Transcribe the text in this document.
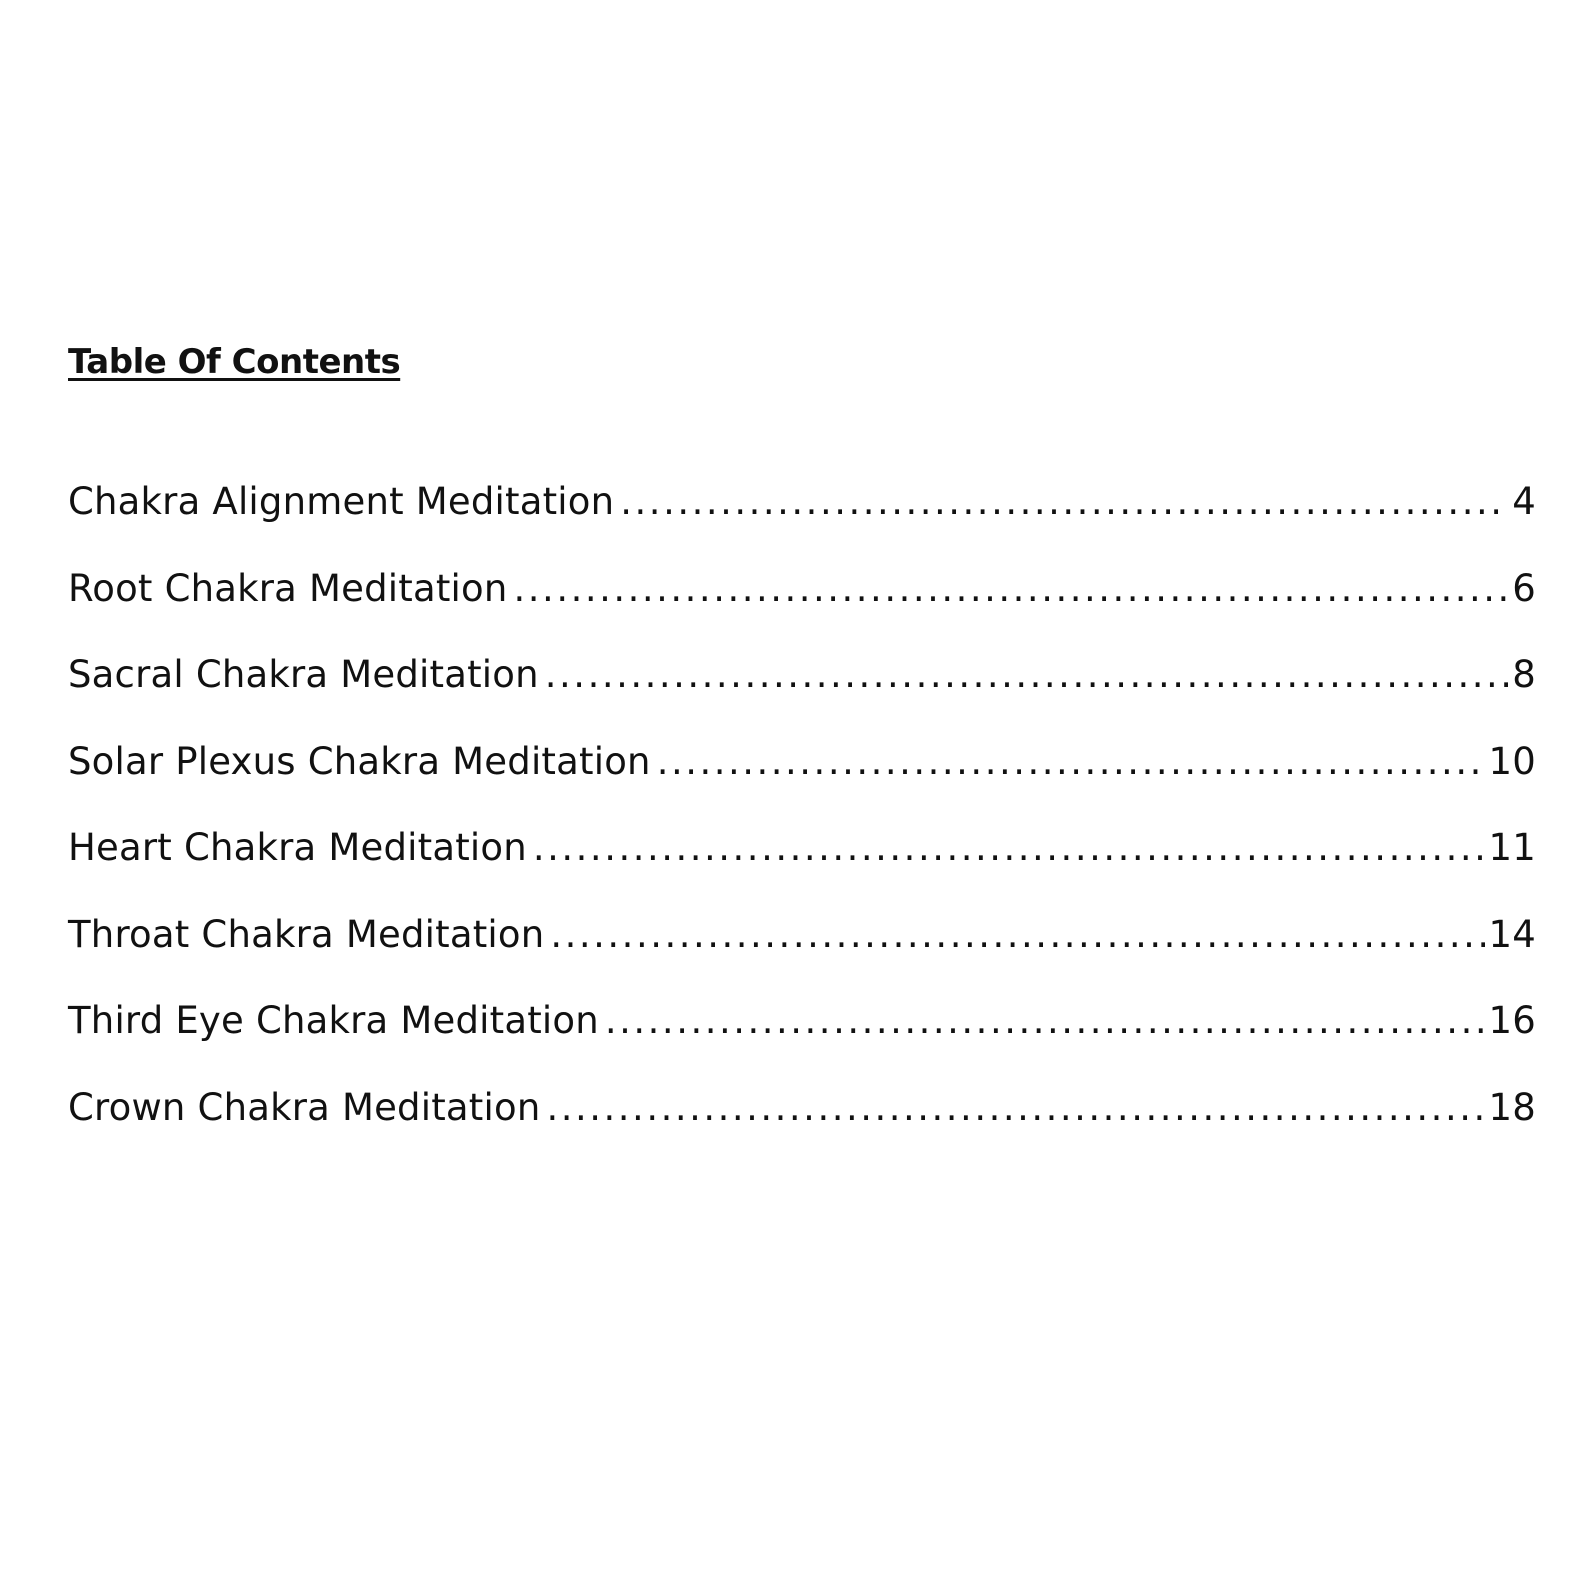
Table Of Contents
Chakra Alignment Meditation .....	4
Root Chakra Meditation .....	6
Sacral Chakra Meditation .....	8
Solar Plexus Chakra Meditation .....	10
Heart Chakra Meditation .....	11
Throat Chakra Meditation .....	14
Third Eye Chakra Meditation .....	16
Crown Chakra Meditation .....	18
